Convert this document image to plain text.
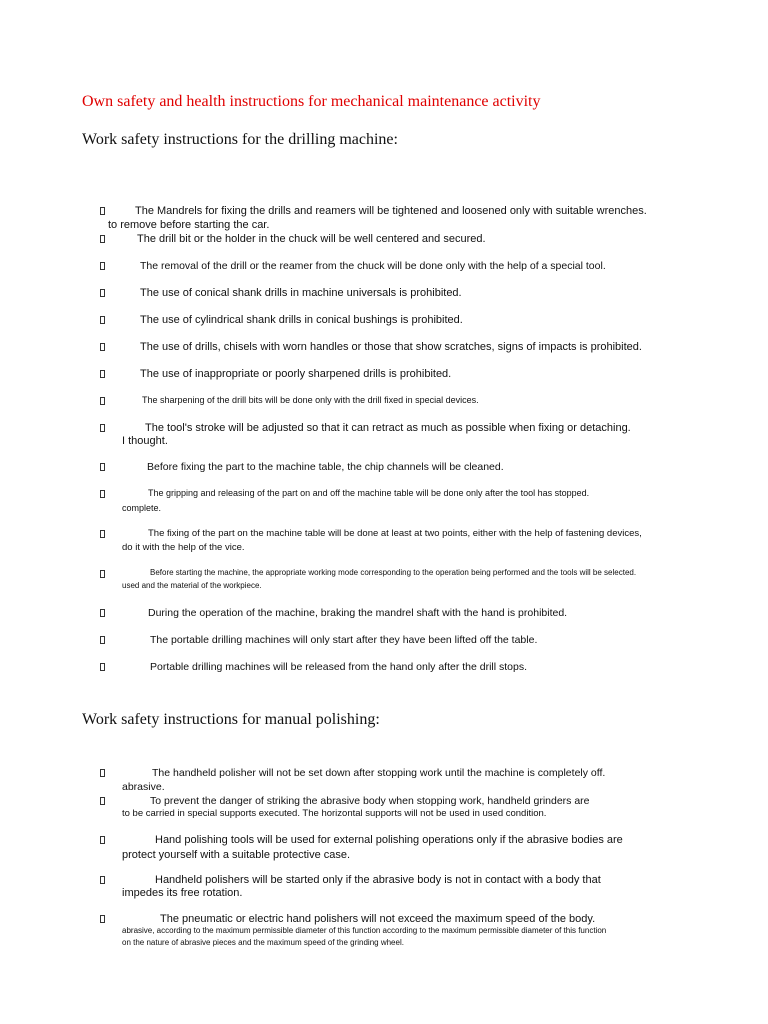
Own safety and health instructions for mechanical maintenance activity
Work safety instructions for the drilling machine:
The Mandrels for fixing the drills and reamers will be tightened and loosened only with suitable wrenches.
to remove before starting the car.
The drill bit or the holder in the chuck will be well centered and secured.
The removal of the drill or the reamer from the chuck will be done only with the help of a special tool.
The use of conical shank drills in machine universals is prohibited.
The use of cylindrical shank drills in conical bushings is prohibited.
The use of drills, chisels with worn handles or those that show scratches, signs of impacts is prohibited.
The use of inappropriate or poorly sharpened drills is prohibited.
The sharpening of the drill bits will be done only with the drill fixed in special devices.
The tool's stroke will be adjusted so that it can retract as much as possible when fixing or detaching.
I thought.
Before fixing the part to the machine table, the chip channels will be cleaned.
The gripping and releasing of the part on and off the machine table will be done only after the tool has stopped.
complete.
The fixing of the part on the machine table will be done at least at two points, either with the help of fastening devices,
do it with the help of the vice.
Before starting the machine, the appropriate working mode corresponding to the operation being performed and the tools will be selected.
used and the material of the workpiece.
During the operation of the machine, braking the mandrel shaft with the hand is prohibited.
The portable drilling machines will only start after they have been lifted off the table.
Portable drilling machines will be released from the hand only after the drill stops.
Work safety instructions for manual polishing:
The handheld polisher will not be set down after stopping work until the machine is completely off.
abrasive.
To prevent the danger of striking the abrasive body when stopping work, handheld grinders are
to be carried in special supports executed. The horizontal supports will not be used in used condition.
Hand polishing tools will be used for external polishing operations only if the abrasive bodies are
protect yourself with a suitable protective case.
Handheld polishers will be started only if the abrasive body is not in contact with a body that
impedes its free rotation.
The pneumatic or electric hand polishers will not exceed the maximum speed of the body.
abrasive, according to the maximum permissible diameter of this function according to the maximum permissible diameter of this function
on the nature of abrasive pieces and the maximum speed of the grinding wheel.
